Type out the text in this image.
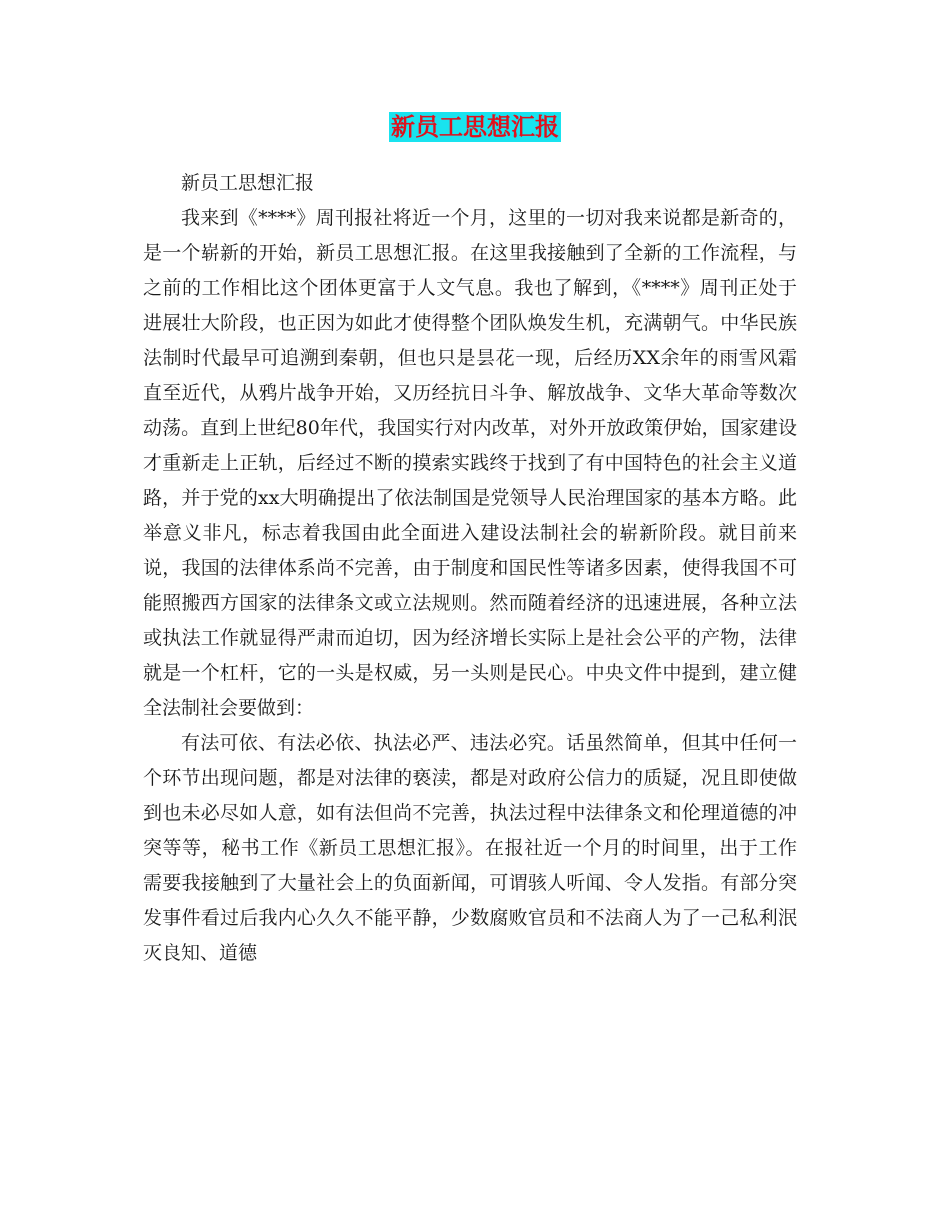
新员工思想汇报

新员工思想汇报

我来到《****》周刊报社将近一个月，这里的一切对我来说都是新奇的，是一个崭新的开始，新员工思想汇报。在这里我接触到了全新的工作流程，与之前的工作相比这个团体更富于人文气息。我也了解到，《****》周刊正处于进展壮大阶段，也正因为如此才使得整个团队焕发生机，充满朝气。中华民族法制时代最早可追溯到秦朝，但也只是昙花一现，后经历XX余年的雨雪风霜直至近代，从鸦片战争开始，又历经抗日斗争、解放战争、文华大革命等数次动荡。直到上世纪80年代，我国实行对内改革，对外开放政策伊始，国家建设才重新走上正轨，后经过不断的摸索实践终于找到了有中国特色的社会主义道路，并于党的xx大明确提出了依法制国是党领导人民治理国家的基本方略。此举意义非凡，标志着我国由此全面进入建设法制社会的崭新阶段。就目前来说，我国的法律体系尚不完善，由于制度和国民性等诸多因素，使得我国不可能照搬西方国家的法律条文或立法规则。然而随着经济的迅速进展，各种立法或执法工作就显得严肃而迫切，因为经济增长实际上是社会公平的产物，法律就是一个杠杆，它的一头是权威，另一头则是民心。中央文件中提到，建立健全法制社会要做到：

有法可依、有法必依、执法必严、违法必究。话虽然简单，但其中任何一个环节出现问题，都是对法律的亵渎，都是对政府公信力的质疑，况且即使做到也未必尽如人意，如有法但尚不完善，执法过程中法律条文和伦理道德的冲突等等，秘书工作《新员工思想汇报》。在报社近一个月的时间里，出于工作需要我接触到了大量社会上的负面新闻，可谓骇人听闻、令人发指。有部分突发事件看过后我内心久久不能平静，少数腐败官员和不法商人为了一己私利泯灭良知、道德
